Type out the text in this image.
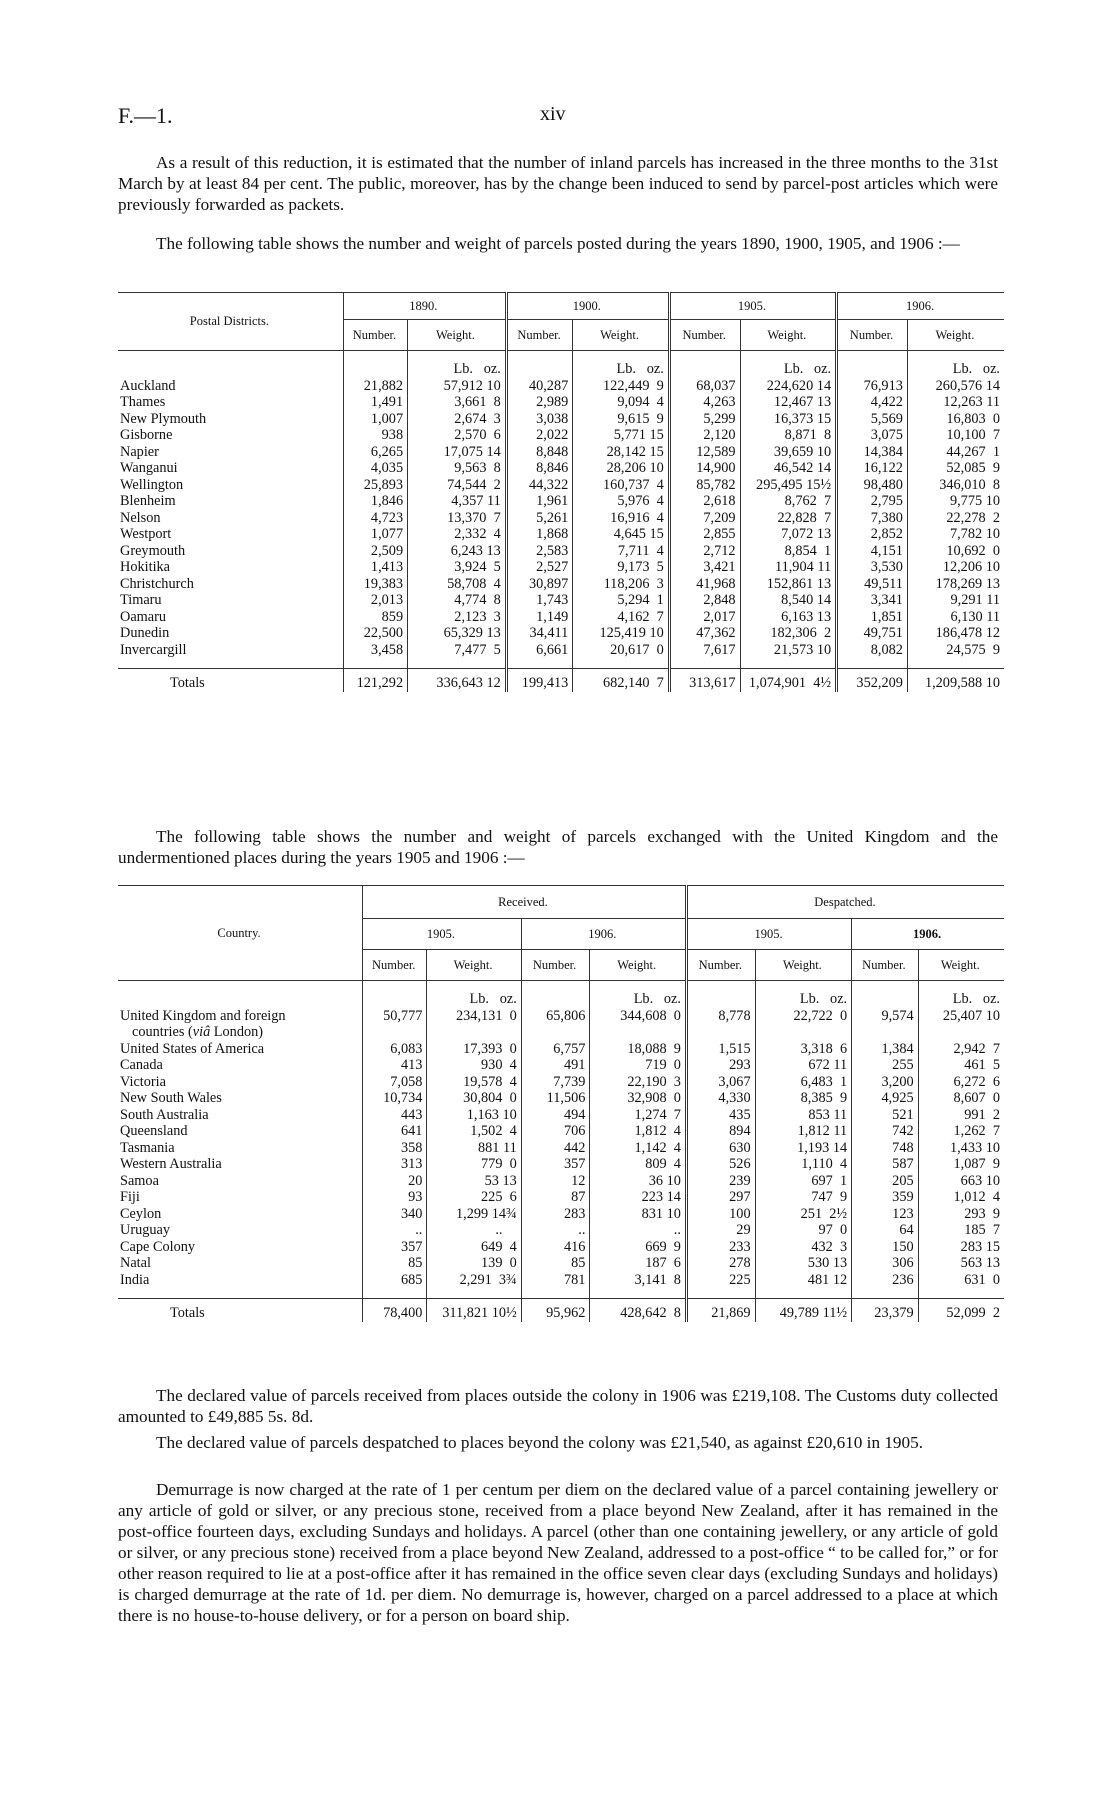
F.—1.	xiv

As a result of this reduction, it is estimated that the number of inland parcels has increased in the three months to the 31st March by at least 84 per cent. The public, moreover, has by the change been induced to send by parcel-post articles which were previously forwarded as packets.

The following table shows the number and weight of parcels posted during the years 1890, 1900, 1905, and 1906 :—

Postal Districts.	1890.		1900.		1905.		1906.	
	Number.	Weight.	Number.	Weight.	Number.	Weight.	Number.	Weight.
		Lb.   oz.		Lb.   oz.		Lb.   oz.		Lb.   oz.
Auckland	21,882	57,912 10	40,287	122,449  9	68,037	224,620 14	76,913	260,576 14
Thames	1,491	3,661  8	2,989	9,094  4	4,263	12,467 13	4,422	12,263 11
New Plymouth	1,007	2,674  3	3,038	9,615  9	5,299	16,373 15	5,569	16,803  0
Gisborne	938	2,570  6	2,022	5,771 15	2,120	8,871  8	3,075	10,100  7
Napier	6,265	17,075 14	8,848	28,142 15	12,589	39,659 10	14,384	44,267  1
Wanganui	4,035	9,563  8	8,846	28,206 10	14,900	46,542 14	16,122	52,085  9
Wellington	25,893	74,544  2	44,322	160,737  4	85,782	295,495 15½	98,480	346,010  8
Blenheim	1,846	4,357 11	1,961	5,976  4	2,618	8,762  7	2,795	9,775 10
Nelson	4,723	13,370  7	5,261	16,916  4	7,209	22,828  7	7,380	22,278  2
Westport	1,077	2,332  4	1,868	4,645 15	2,855	7,072 13	2,852	7,782 10
Greymouth	2,509	6,243 13	2,583	7,711  4	2,712	8,854  1	4,151	10,692  0
Hokitika	1,413	3,924  5	2,527	9,173  5	3,421	11,904 11	3,530	12,206 10
Christchurch	19,383	58,708  4	30,897	118,206  3	41,968	152,861 13	49,511	178,269 13
Timaru	2,013	4,774  8	1,743	5,294  1	2,848	8,540 14	3,341	9,291 11
Oamaru	859	2,123  3	1,149	4,162  7	2,017	6,163 13	1,851	6,130 11
Dunedin	22,500	65,329 13	34,411	125,419 10	47,362	182,306  2	49,751	186,478 12
Invercargill	3,458	7,477  5	6,661	20,617  0	7,617	21,573 10	8,082	24,575  9

Totals	121,292	336,643 12	199,413	682,140  7	313,617	1,074,901  4½	352,209	1,209,588 10

The following table shows the number and weight of parcels exchanged with the United Kingdom and the undermentioned places during the years 1905 and 1906 :—

Country.	Received.				Despatched.			
	1905.		1906.		1905.		1906.	
	Number.	Weight.	Number.	Weight.	Number.	Weight.	Number.	Weight.
		Lb.   oz.		Lb.   oz.		Lb.   oz.		Lb.   oz.
United Kingdom and foreign	50,777	234,131  0	65,806	344,608  0	8,778	22,722  0	9,574	25,407 10
countries (viâ London)								
United States of America	6,083	17,393  0	6,757	18,088  9	1,515	3,318  6	1,384	2,942  7
Canada	413	930  4	491	719  0	293	672 11	255	461  5
Victoria	7,058	19,578  4	7,739	22,190  3	3,067	6,483  1	3,200	6,272  6
New South Wales	10,734	30,804  0	11,506	32,908  0	4,330	8,385  9	4,925	8,607  0
South Australia	443	1,163 10	494	1,274  7	435	853 11	521	991  2
Queensland	641	1,502  4	706	1,812  4	894	1,812 11	742	1,262  7
Tasmania	358	881 11	442	1,142  4	630	1,193 14	748	1,433 10
Western Australia	313	779  0	357	809  4	526	1,110  4	587	1,087  9
Samoa	20	53 13	12	36 10	239	697  1	205	663 10
Fiji	93	225  6	87	223 14	297	747  9	359	1,012  4
Ceylon	340	1,299 14¾	283	831 10	100	251  2½	123	293  9
Uruguay	..	..	..	..	29	97  0	64	185  7
Cape Colony	357	649  4	416	669  9	233	432  3	150	283 15
Natal	85	139  0	85	187  6	278	530 13	306	563 13
India	685	2,291  3¾	781	3,141  8	225	481 12	236	631  0

Totals	78,400	311,821 10½	95,962	428,642  8	21,869	49,789 11½	23,379	52,099  2

The declared value of parcels received from places outside the colony in 1906 was £219,108. The Customs duty collected amounted to £49,885 5s. 8d.

The declared value of parcels despatched to places beyond the colony was £21,540, as against £20,610 in 1905.

Demurrage is now charged at the rate of 1 per centum per diem on the declared value of a parcel containing jewellery or any article of gold or silver, or any precious stone, received from a place beyond New Zealand, after it has remained in the post-office fourteen days, excluding Sundays and holidays. A parcel (other than one containing jewellery, or any article of gold or silver, or any precious stone) received from a place beyond New Zealand, addressed to a post-office “ to be called for,” or for other reason required to lie at a post-office after it has remained in the office seven clear days (excluding Sundays and holidays) is charged demurrage at the rate of 1d. per diem. No demurrage is, however, charged on a parcel addressed to a place at which there is no house-to-house delivery, or for a person on board ship.
